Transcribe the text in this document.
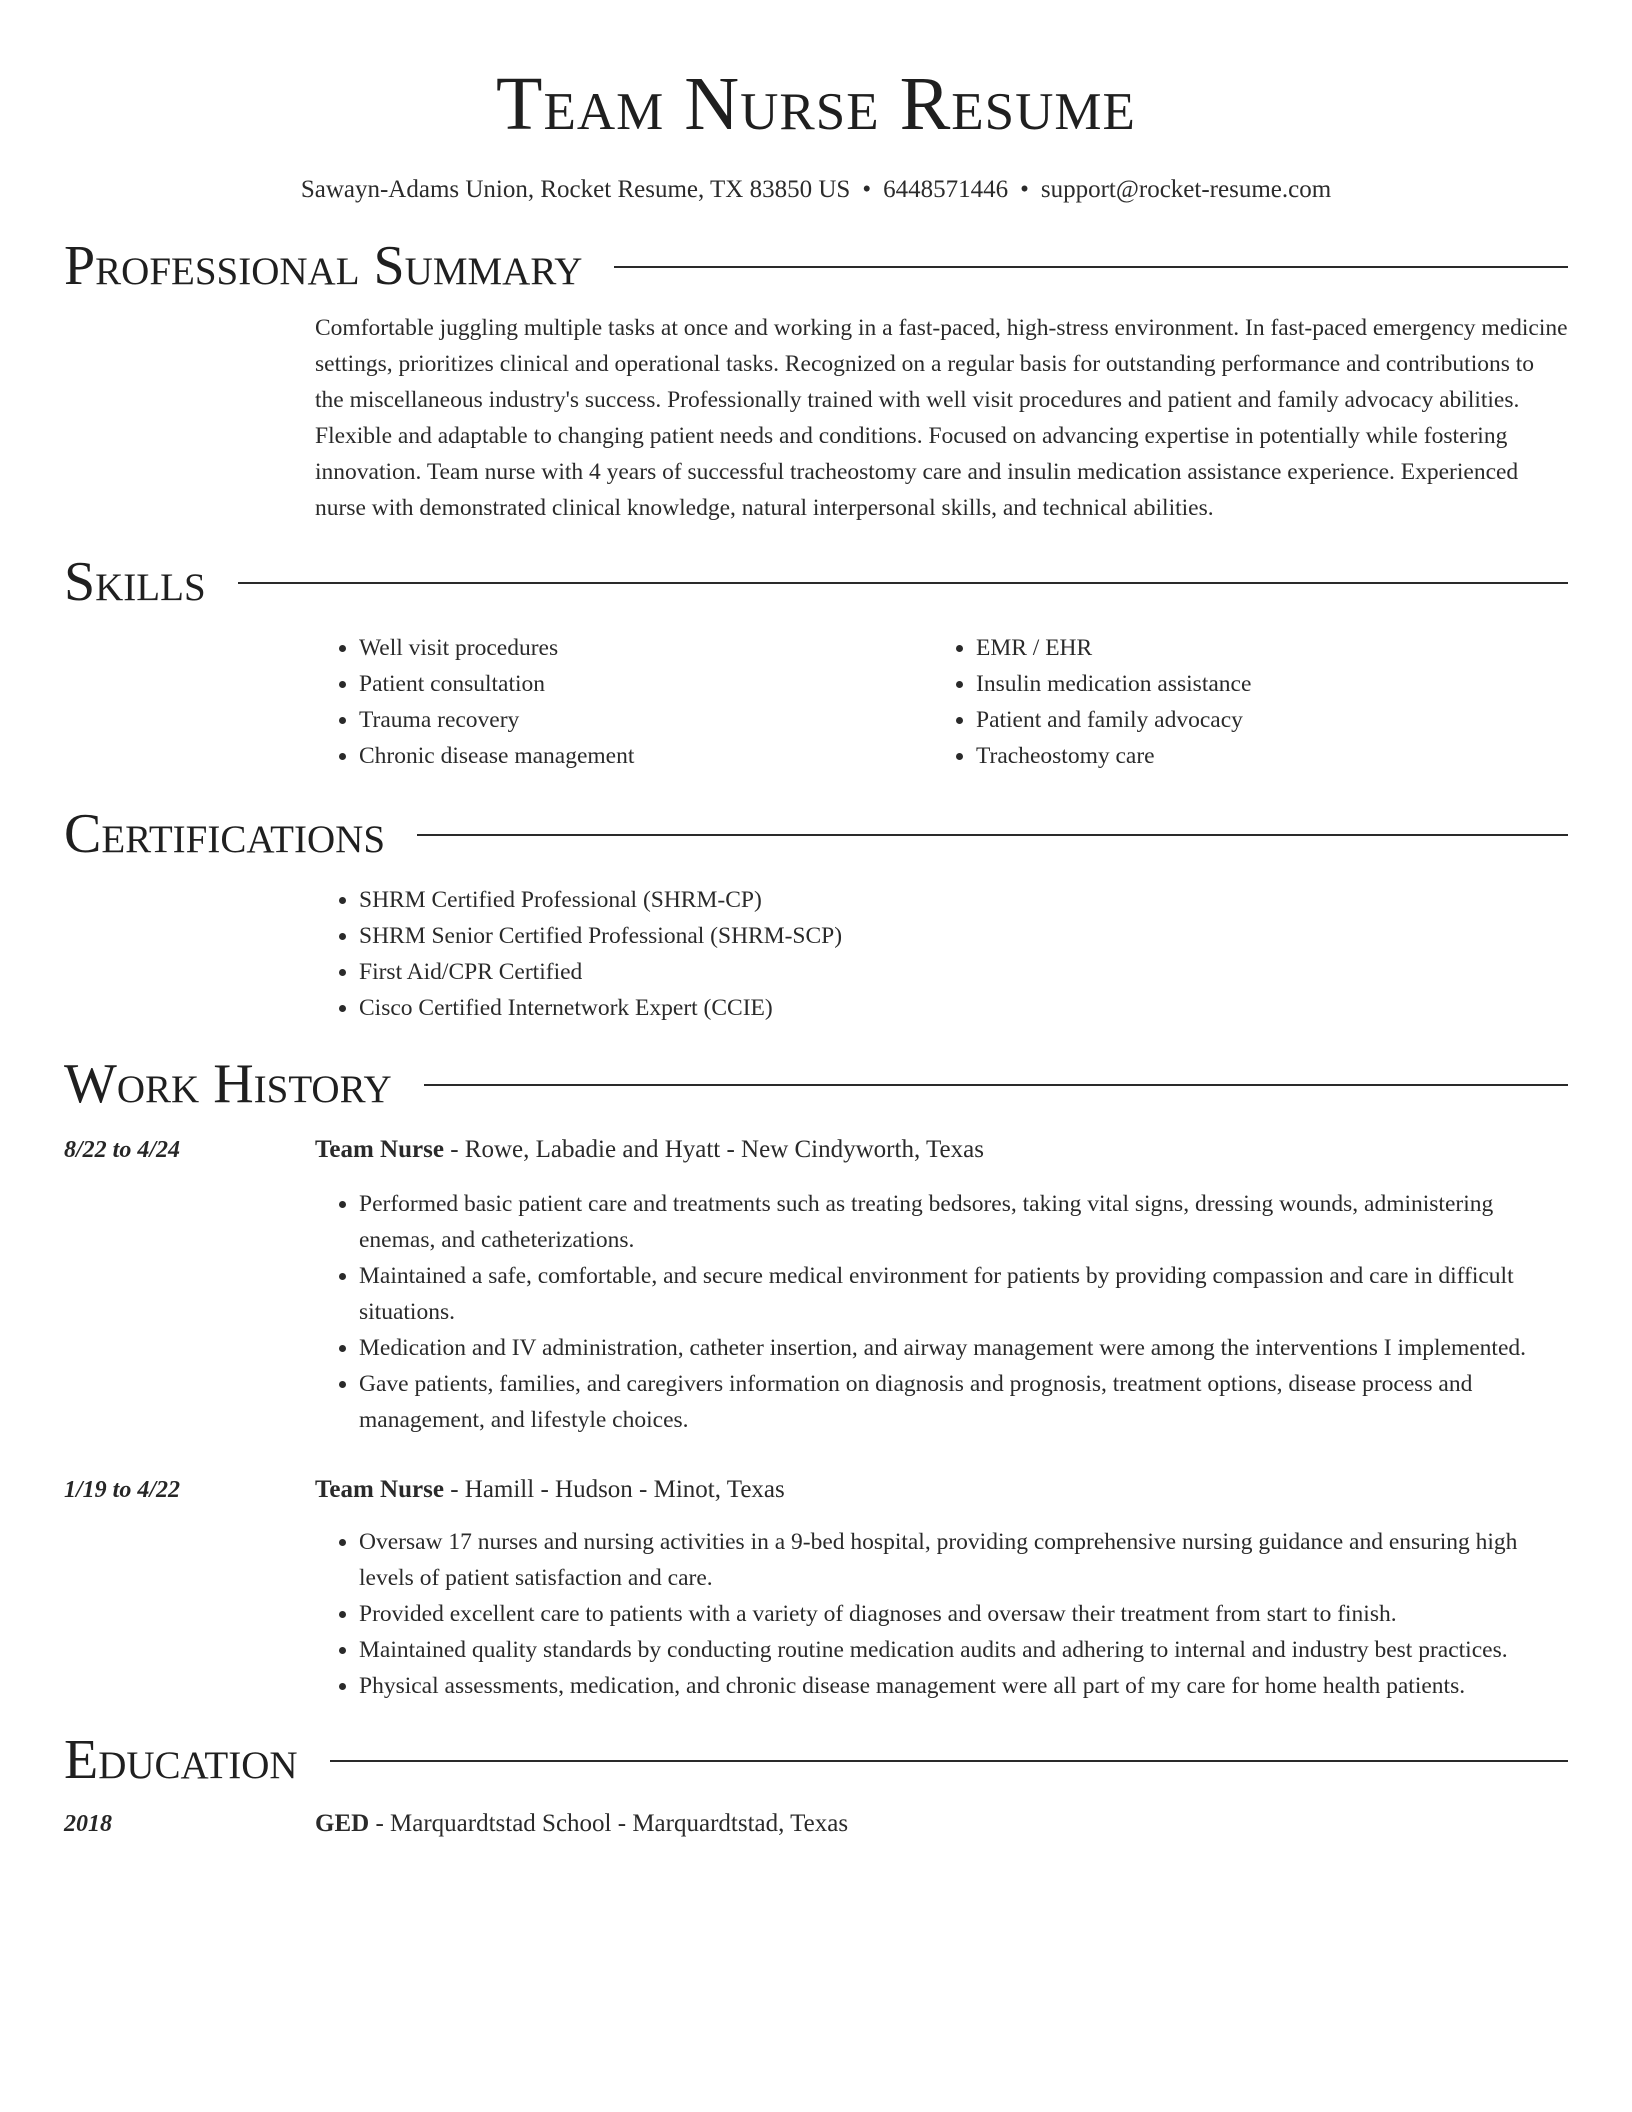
Team Nurse Resume
Sawayn-Adams Union, Rocket Resume, TX 83850 US • 6448571446 • support@rocket-resume.com
Professional Summary

Comfortable juggling multiple tasks at once and working in a fast-paced, high-stress environment. In fast-paced emergency medicine settings, prioritizes clinical and operational tasks. Recognized on a regular basis for outstanding performance and contributions to the miscellaneous industry's success. Professionally trained with well visit procedures and patient and family advocacy abilities. Flexible and adaptable to changing patient needs and conditions. Focused on advancing expertise in potentially while fostering innovation. Team nurse with 4 years of successful tracheostomy care and insulin medication assistance experience. Experienced nurse with demonstrated clinical knowledge, natural interpersonal skills, and technical abilities.

Skills
• Well visit procedures
• Patient consultation
• Trauma recovery
• Chronic disease management
• EMR / EHR
• Insulin medication assistance
• Patient and family advocacy
• Tracheostomy care
Certifications
• SHRM Certified Professional (SHRM-CP)
• SHRM Senior Certified Professional (SHRM-SCP)
• First Aid/CPR Certified
• Cisco Certified Internetwork Expert (CCIE)
Work History
8/22 to 4/24	Team Nurse - Rowe, Labadie and Hyatt - New Cindyworth, Texas
• Performed basic patient care and treatments such as treating bedsores, taking vital signs, dressing wounds, administering enemas, and catheterizations.
• Maintained a safe, comfortable, and secure medical environment for patients by providing compassion and care in difficult situations.
• Medication and IV administration, catheter insertion, and airway management were among the interventions I implemented.
• Gave patients, families, and caregivers information on diagnosis and prognosis, treatment options, disease process and management, and lifestyle choices.
1/19 to 4/22	Team Nurse - Hamill - Hudson - Minot, Texas
• Oversaw 17 nurses and nursing activities in a 9-bed hospital, providing comprehensive nursing guidance and ensuring high levels of patient satisfaction and care.
• Provided excellent care to patients with a variety of diagnoses and oversaw their treatment from start to finish.
• Maintained quality standards by conducting routine medication audits and adhering to internal and industry best practices.
• Physical assessments, medication, and chronic disease management were all part of my care for home health patients.
Education
2018	GED - Marquardtstad School - Marquardtstad, Texas
